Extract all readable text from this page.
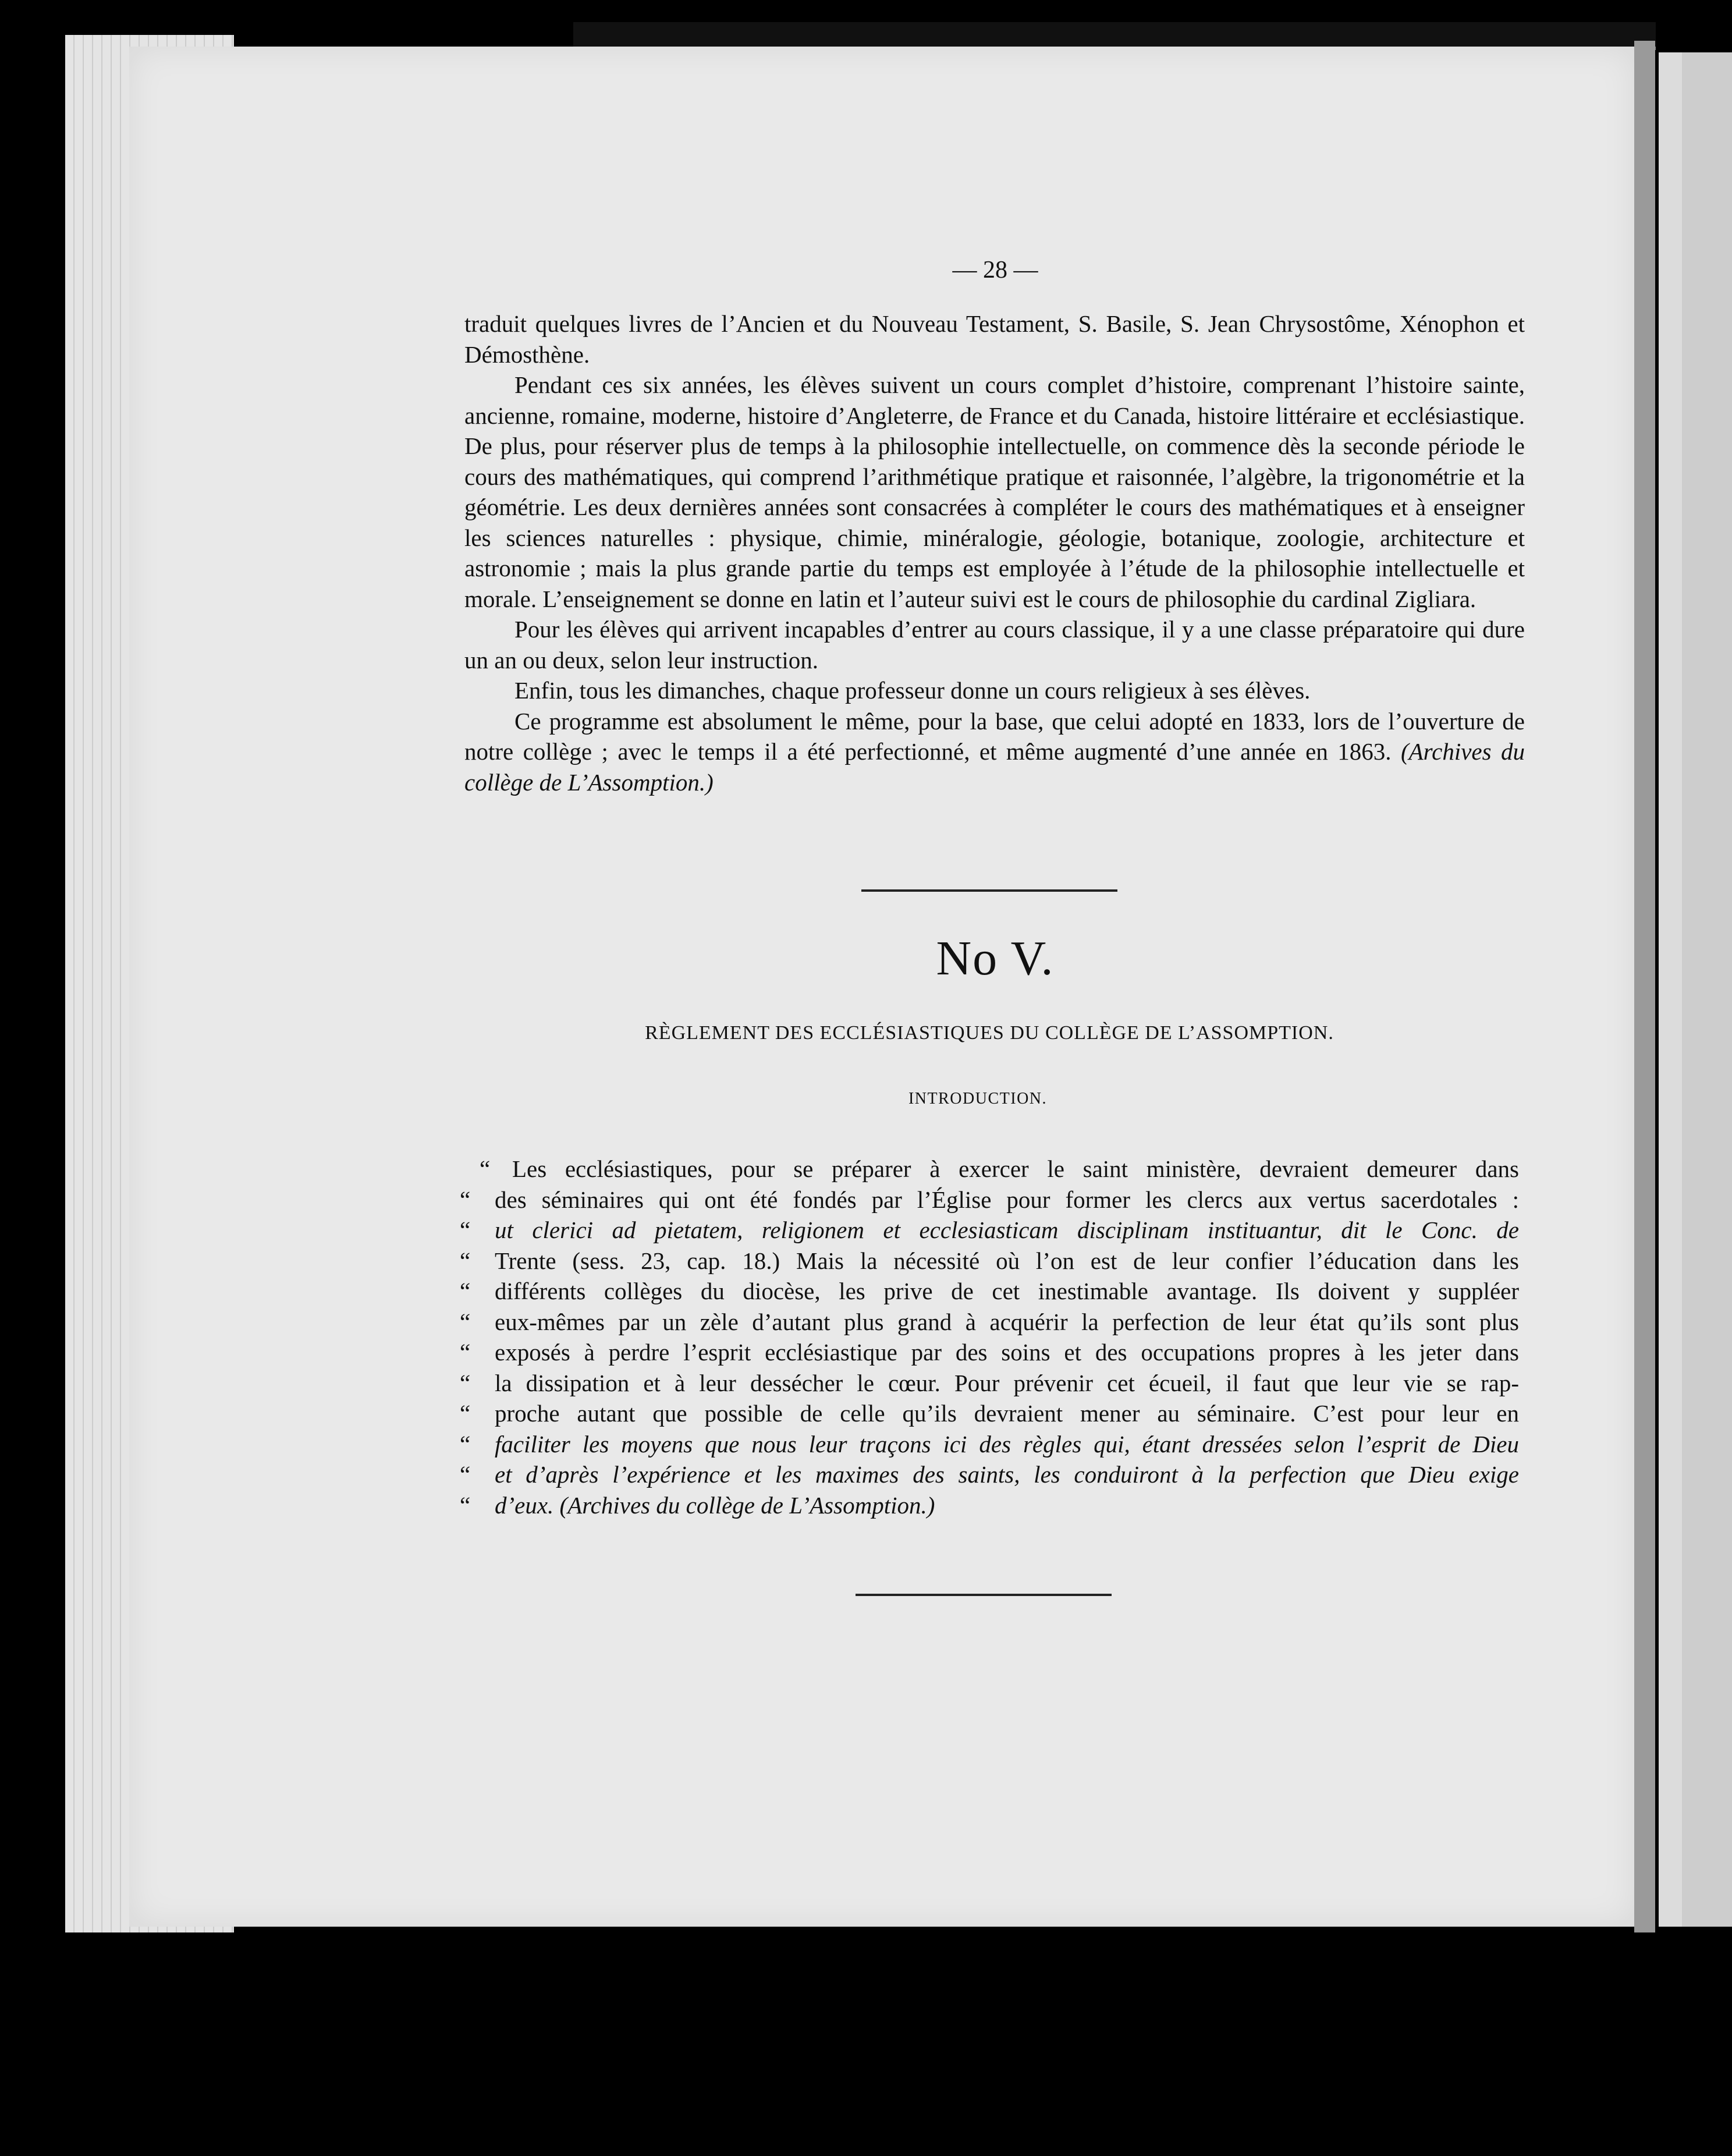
— 28 —

traduit quelques livres de l’Ancien et du Nouveau Testament, S. Basile, S. Jean Chrysostôme, Xénophon et Démosthène.

Pendant ces six années, les élèves suivent un cours complet d’histoire, comprenant l’histoire sainte, ancienne, romaine, moderne, histoire d’Angleterre, de France et du Canada, histoire littéraire et ecclésiastique. De plus, pour réserver plus de temps à la philosophie intellectuelle, on commence dès la seconde période le cours des mathématiques, qui comprend l’arithmétique pratique et raisonnée, l’algèbre, la trigonométrie et la géométrie. Les deux dernières années sont consacrées à compléter le cours des mathématiques et à enseigner les sciences naturelles : physique, chimie, minéralogie, géologie, botanique, zoologie, architecture et astronomie ; mais la plus grande partie du temps est employée à l’étude de la philosophie intellectuelle et morale. L’enseignement se donne en latin et l’auteur suivi est le cours de philosophie du cardinal Zigliara.

Pour les élèves qui arrivent incapables d’entrer au cours classique, il y a une classe préparatoire qui dure un an ou deux, selon leur instruction.

Enfin, tous les dimanches, chaque professeur donne un cours religieux à ses élèves.

Ce programme est absolument le même, pour la base, que celui adopté en 1833, lors de l’ouverture de notre collège ; avec le temps il a été perfectionné, et même augmenté d’une année en 1863. (Archives du collège de L’Assomption.)

No V.
RÈGLEMENT DES ECCLÉSIASTIQUES DU COLLÈGE DE L’ASSOMPTION.
INTRODUCTION.
“ Les ecclésiastiques, pour se préparer à exercer le saint ministère, devraient demeurer dans
“ des séminaires qui ont été fondés par l’Église pour former les clercs aux vertus sacerdotales :
“ ut clerici ad pietatem, religionem et ecclesiasticam disciplinam instituantur, dit le Conc. de
“ Trente (sess. 23, cap. 18.) Mais la nécessité où l’on est de leur confier l’éducation dans les
“ différents collèges du diocèse, les prive de cet inestimable avantage. Ils doivent y suppléer
“ eux-mêmes par un zèle d’autant plus grand à acquérir la perfection de leur état qu’ils sont plus
“ exposés à perdre l’esprit ecclésiastique par des soins et des occupations propres à les jeter dans
“ la dissipation et à leur dessécher le cœur. Pour prévenir cet écueil, il faut que leur vie se rap-
“ proche autant que possible de celle qu’ils devraient mener au séminaire. C’est pour leur en
“ faciliter les moyens que nous leur traçons ici des règles qui, étant dressées selon l’esprit de Dieu
“ et d’après l’expérience et les maximes des saints, les conduiront à la perfection que Dieu exige
“ d’eux. (Archives du collège de L’Assomption.)
